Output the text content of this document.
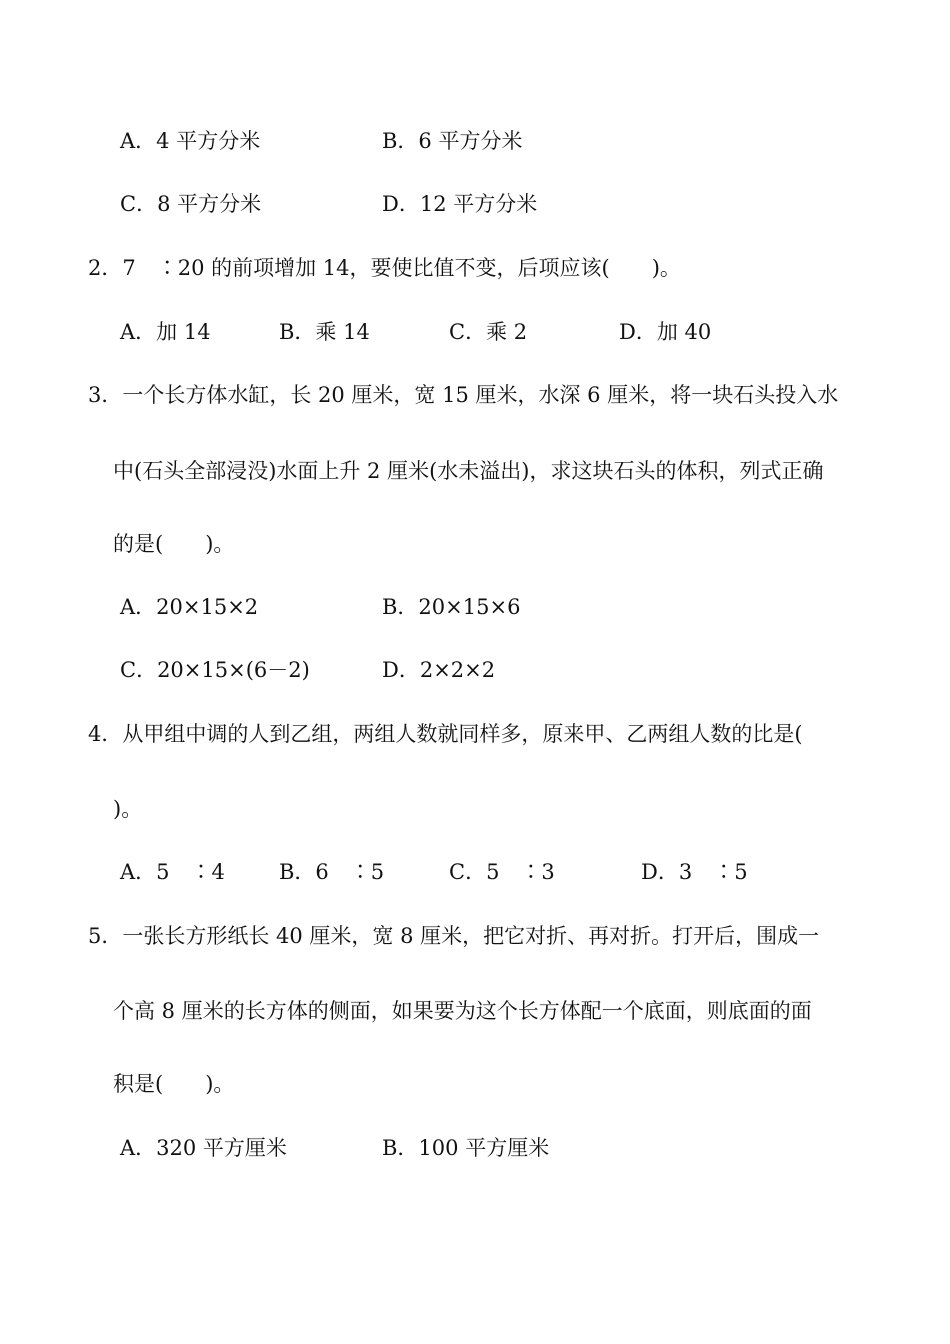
A．4 平方分米	B．6 平方分米
C．8 平方分米	D．12 平方分米
2．7　∶20 的前项增加 14，要使比值不变，后项应该(　　)。
A．加 14	B．乘 14	C．乘 2	D．加 40
3．一个长方体水缸，长 20 厘米，宽 15 厘米，水深 6 厘米，将一块石头投入水
中(石头全部浸没)水面上升 2 厘米(水未溢出)，求这块石头的体积，列式正确
的是(　　)。
A．20×15×2	B．20×15×6
C．20×15×(6－2)	D．2×2×2
4．从甲组中调的人到乙组，两组人数就同样多，原来甲、乙两组人数的比是(
)。
A．5　∶4	B．6　∶5	C．5　∶3	D．3　∶5
5．一张长方形纸长 40 厘米，宽 8 厘米，把它对折、再对折。打开后，围成一
个高 8 厘米的长方体的侧面，如果要为这个长方体配一个底面，则底面的面
积是(　　)。
A．320 平方厘米	B．100 平方厘米
